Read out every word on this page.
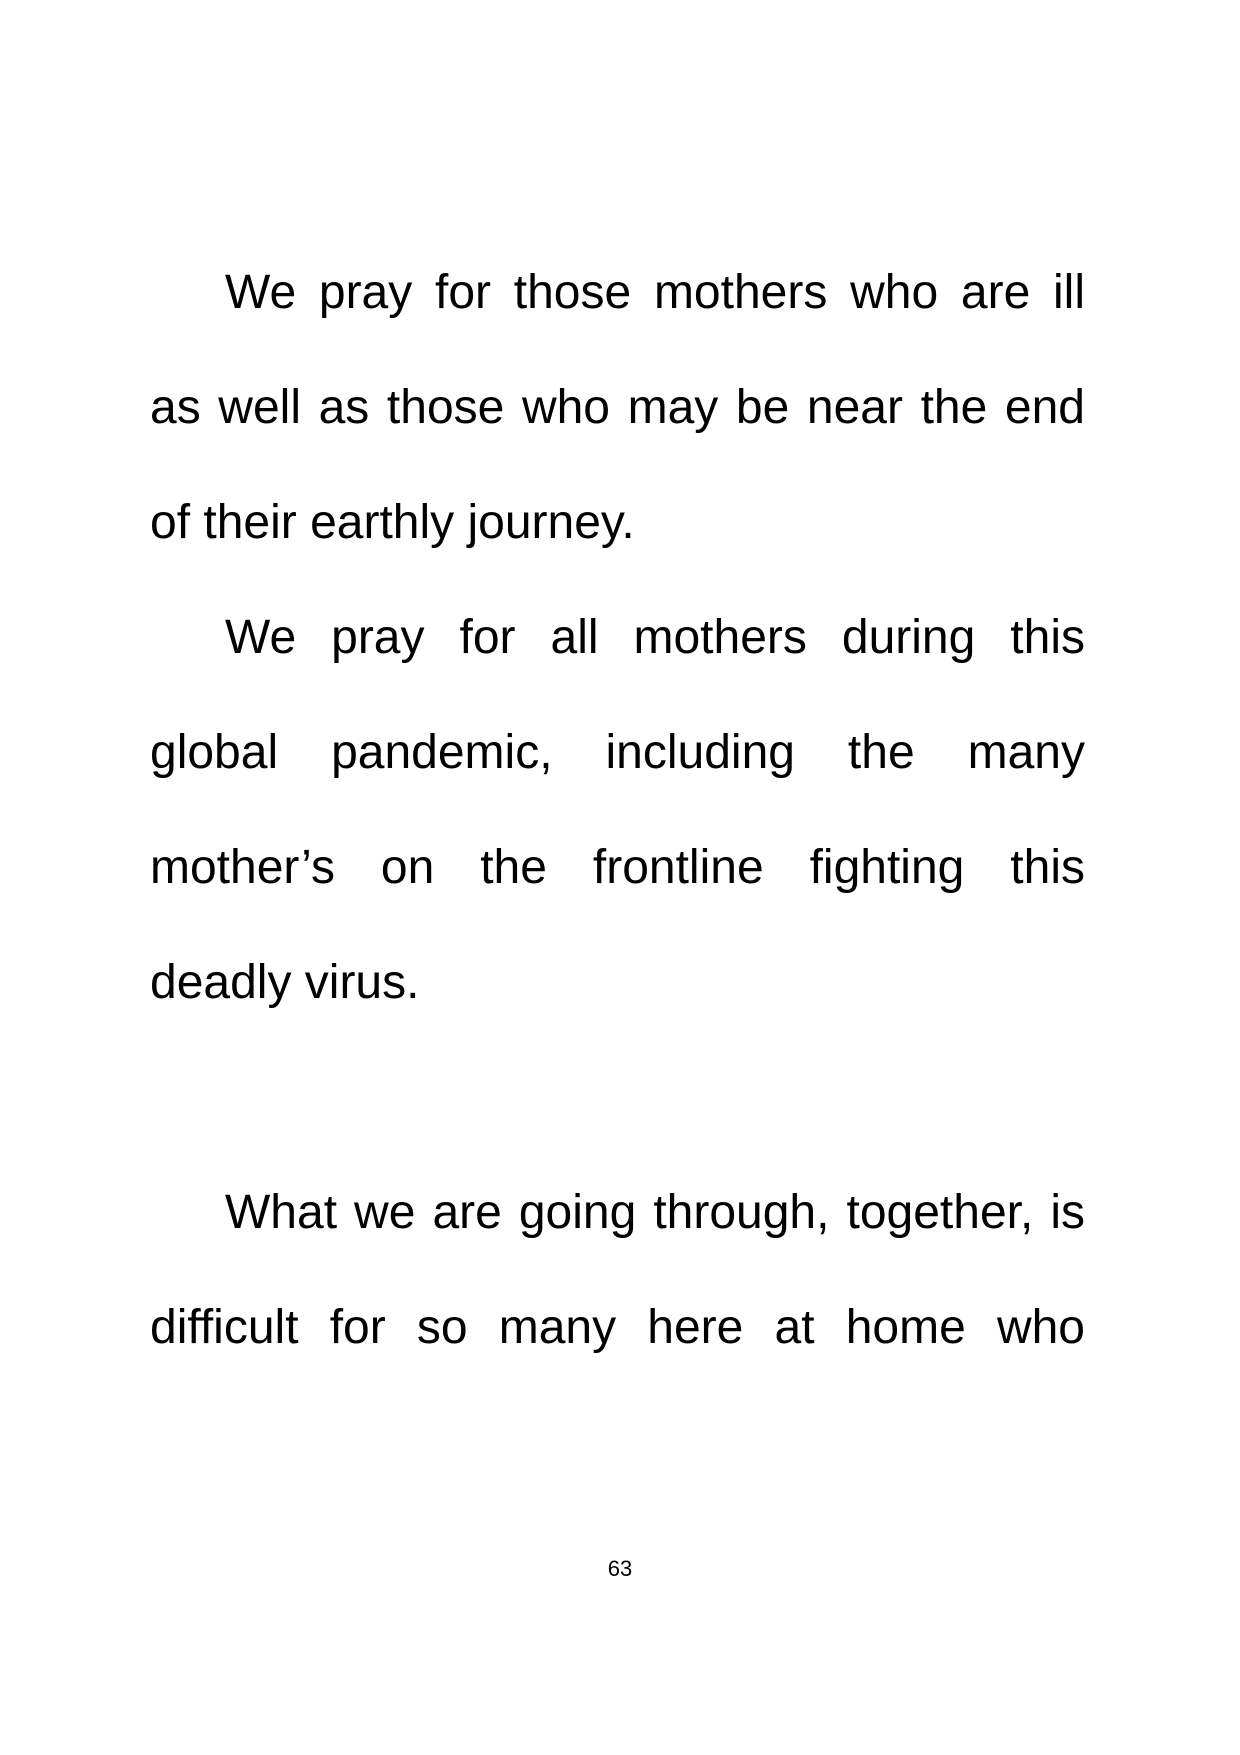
We pray for those mothers who are ill
as well as those who may be near the end
of their earthly journey.
We pray for all mothers during this
global pandemic, including the many
mother’s on the frontline fighting this
deadly virus.
What we are going through, together, is
difficult for so many here at home who
63
